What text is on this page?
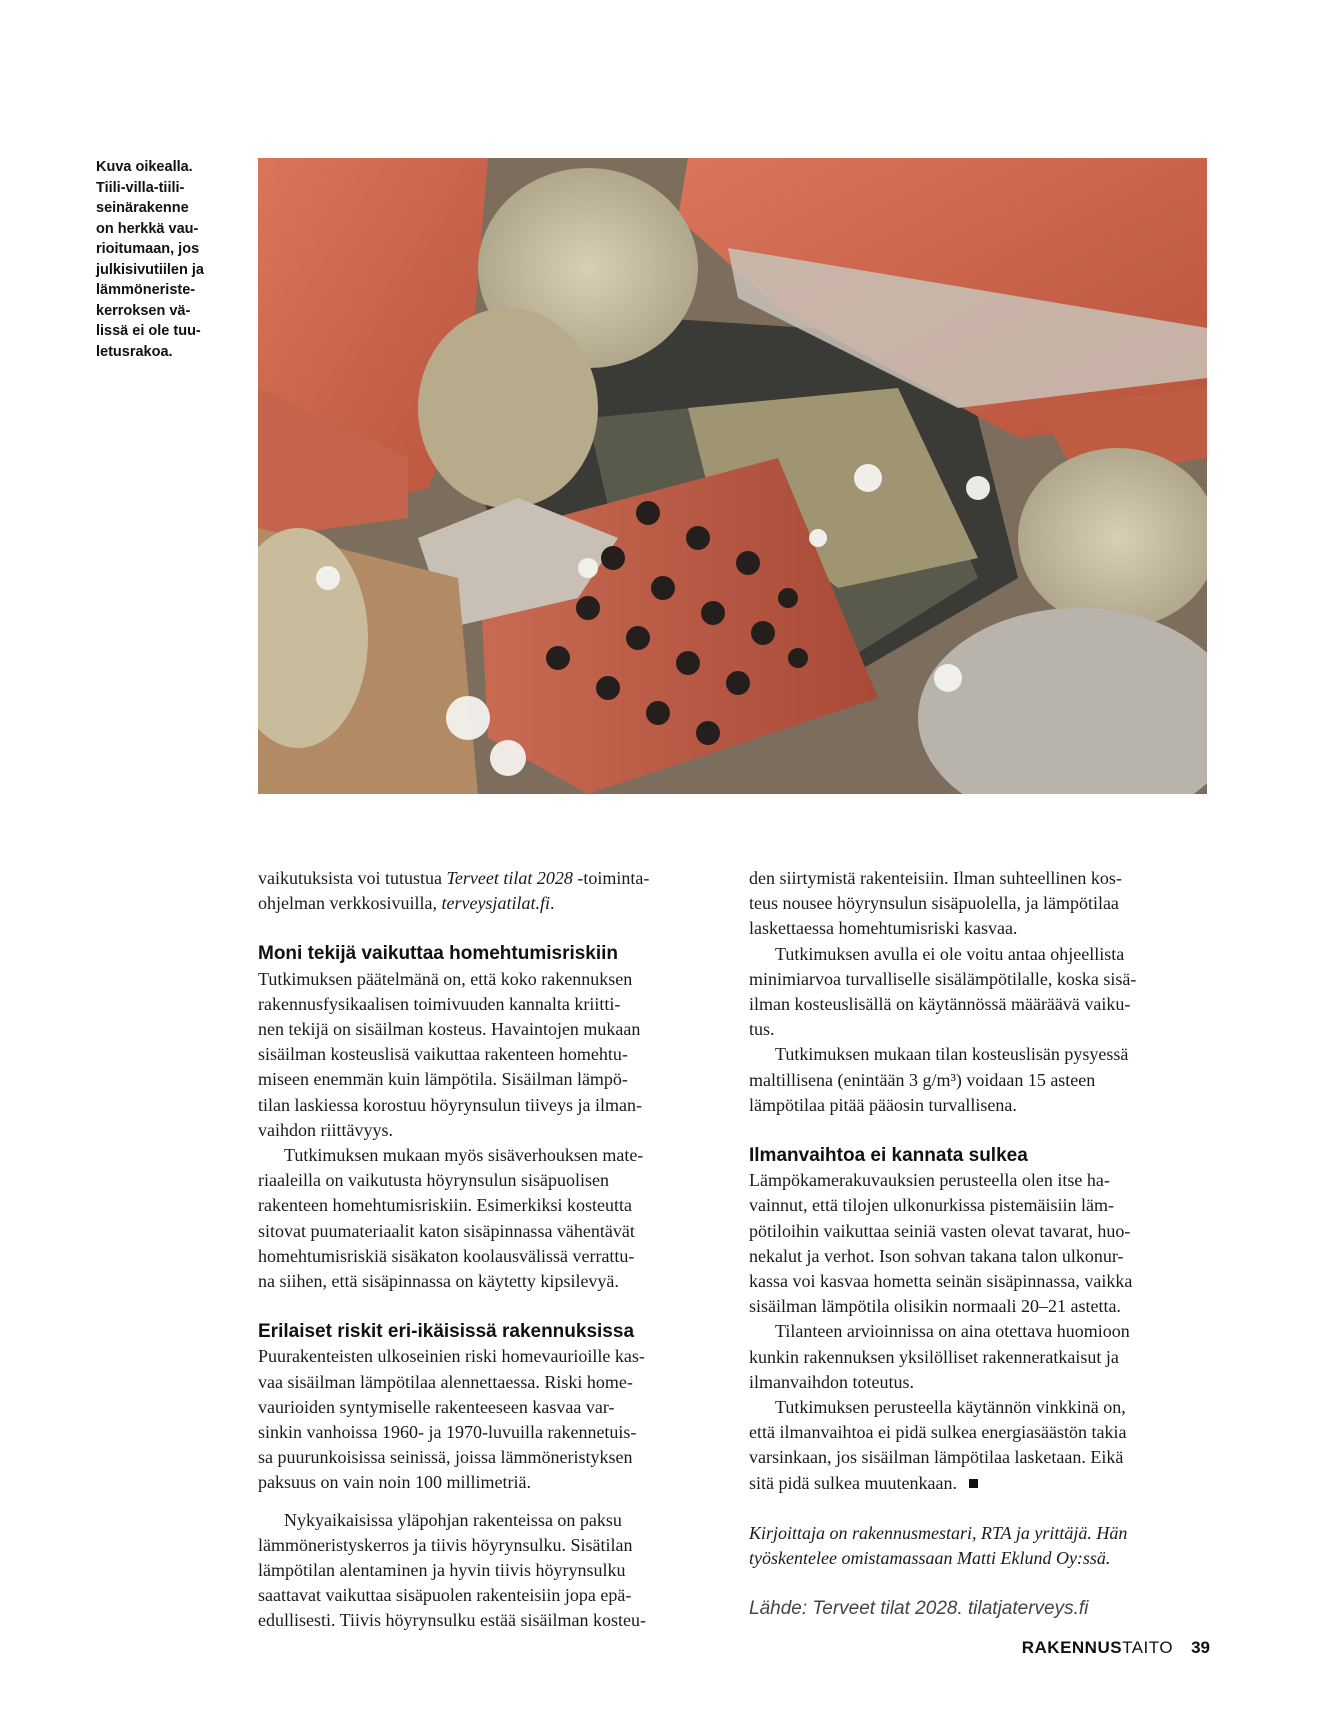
Kuva oikealla.
Tiili-villa-tiili-
seinärakenne
on herkkä vau-
rioitumaan, jos
julkisivutiilen ja
lämmöneriste-
kerroksen vä-
lissä ei ole tuu-
letusrakoa.
vaikutuksista voi tutustua Terveet tilat 2028 -toiminta-
ohjelman verkkosivuilla, terveysjatilat.fi.
Moni tekijä vaikuttaa homehtumisriskiin
Tutkimuksen päätelmänä on, että koko rakennuksen
rakennusfysikaalisen toimivuuden kannalta kriitti-
nen tekijä on sisäilman kosteus. Havaintojen mukaan
sisäilman kosteuslisä vaikuttaa rakenteen homehtu-
miseen enemmän kuin lämpötila. Sisäilman lämpö-
tilan laskiessa korostuu höyrynsulun tiiveys ja ilman-
vaihdon riittävyys.
Tutkimuksen mukaan myös sisäverhouksen mate-
riaaleilla on vaikutusta höyrynsulun sisäpuolisen
rakenteen homehtumisriskiin. Esimerkiksi kosteutta
sitovat puumateriaalit katon sisäpinnassa vähentävät
homehtumisriskiä sisäkaton koolausvälissä verrattu-
na siihen, että sisäpinnassa on käytetty kipsilevyä.
Erilaiset riskit eri-ikäisissä rakennuksissa
Puurakenteisten ulkoseinien riski homevaurioille kas-
vaa sisäilman lämpötilaa alennettaessa. Riski home-
vaurioiden syntymiselle rakenteeseen kasvaa var-
sinkin vanhoissa 1960- ja 1970-luvuilla rakennetuis-
sa puurunkoisissa seinissä, joissa lämmöneristyksen
paksuus on vain noin 100 millimetriä.
Nykyaikaisissa yläpohjan rakenteissa on paksu
lämmöneristyskerros ja tiivis höyrynsulku. Sisätilan
lämpötilan alentaminen ja hyvin tiivis höyrynsulku
saattavat vaikuttaa sisäpuolen rakenteisiin jopa epä-
edullisesti. Tiivis höyrynsulku estää sisäilman kosteu-
den siirtymistä rakenteisiin. Ilman suhteellinen kos-
teus nousee höyrynsulun sisäpuolella, ja lämpötilaa
laskettaessa homehtumisriski kasvaa.
Tutkimuksen avulla ei ole voitu antaa ohjeellista
minimiarvoa turvalliselle sisälämpötilalle, koska sisä-
ilman kosteuslisällä on käytännössä määräävä vaiku-
tus.
Tutkimuksen mukaan tilan kosteuslisän pysyessä
maltillisena (enintään 3 g/m³) voidaan 15 asteen
lämpötilaa pitää pääosin turvallisena.
Ilmanvaihtoa ei kannata sulkea
Lämpökamerakuvauksien perusteella olen itse ha-
vainnut, että tilojen ulkonurkissa pistemäisiin läm-
pötiloihin vaikuttaa seiniä vasten olevat tavarat, huo-
nekalut ja verhot. Ison sohvan takana talon ulkonur-
kassa voi kasvaa hometta seinän sisäpinnassa, vaikka
sisäilman lämpötila olisikin normaali 20–21 astetta.
Tilanteen arvioinnissa on aina otettava huomioon
kunkin rakennuksen yksilölliset rakenneratkaisut ja
ilmanvaihdon toteutus.
Tutkimuksen perusteella käytännön vinkkinä on,
että ilmanvaihtoa ei pidä sulkea energiasäästön takia
varsinkaan, jos sisäilman lämpötilaa lasketaan. Eikä
sitä pidä sulkea muutenkaan.
Kirjoittaja on rakennusmestari, RTA ja yrittäjä. Hän
työskentelee omistamassaan Matti Eklund Oy:ssä.
Lähde: Terveet tilat 2028. tilatjaterveys.fi
RAKENNUSTAITO 39
